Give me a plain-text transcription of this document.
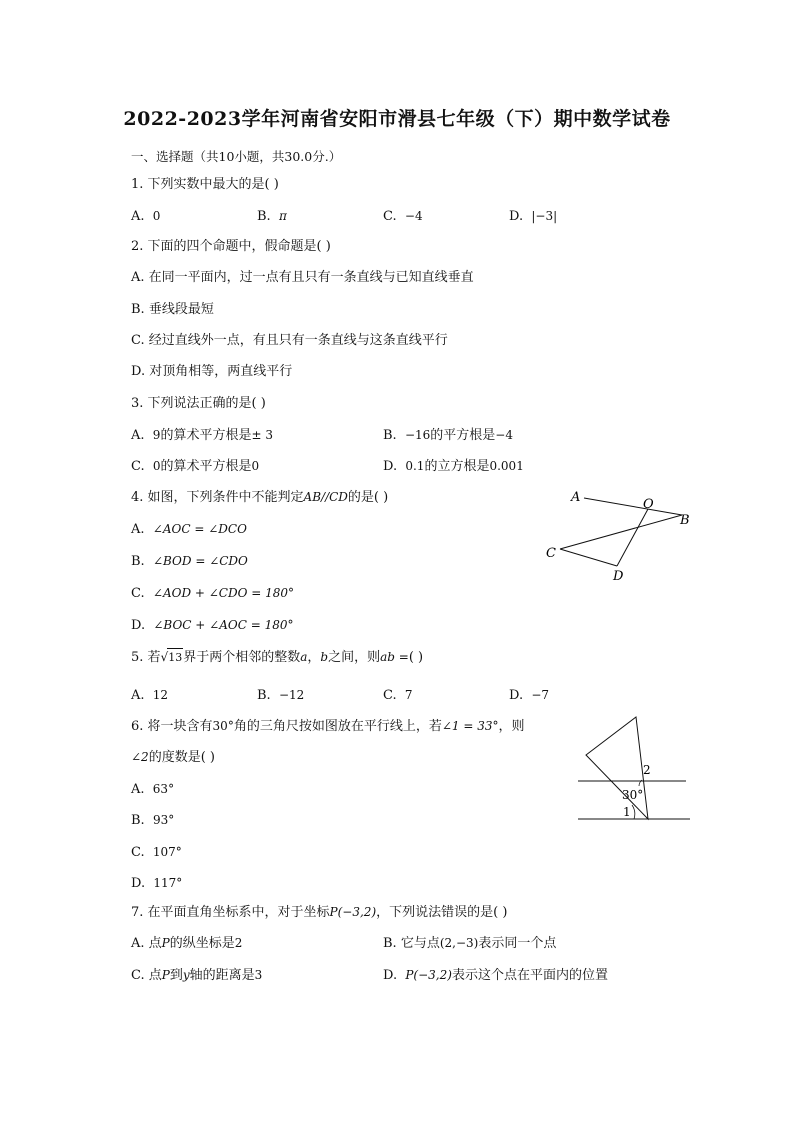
2022-2023学年河南省安阳市滑县七年级（下）期中数学试卷
一、选择题（共10小题，共30.0分.）
1. 下列实数中最大的是( )
A. 0	B. π	C. −4	D. |−3|
2. 下面的四个命题中，假命题是( )
A. 在同一平面内，过一点有且只有一条直线与已知直线垂直
B. 垂线段最短
C. 经过直线外一点，有且只有一条直线与这条直线平行
D. 对顶角相等，两直线平行
3. 下列说法正确的是( )
A. 9的算术平方根是± 3	B. −16的平方根是−4
C. 0的算术平方根是0	D. 0.1的立方根是0.001
4. 如图，下列条件中不能判定AB//CD的是( )
A. ∠AOC = ∠DCO
B. ∠BOD = ∠CDO
C. ∠AOD + ∠CDO = 180°
D. ∠BOC + ∠AOC = 180°
A	O
B
C
D
5. 若√13界于两个相邻的整数a，b之间，则ab =( )
A. 12	B. −12	C. 7	D. −7
6. 将一块含有30°角的三角尺按如图放在平行线上，若∠1 = 33°，则
∠2的度数是( )
A. 63°
B. 93°
C. 107°
D. 117°
2
30°
1
7. 在平面直角坐标系中，对于坐标P(−3,2)，下列说法错误的是( )
A. 点P的纵坐标是2	B. 它与点(2,−3)表示同一个点
C. 点P到y轴的距离是3	D. P(−3,2)表示这个点在平面内的位置
